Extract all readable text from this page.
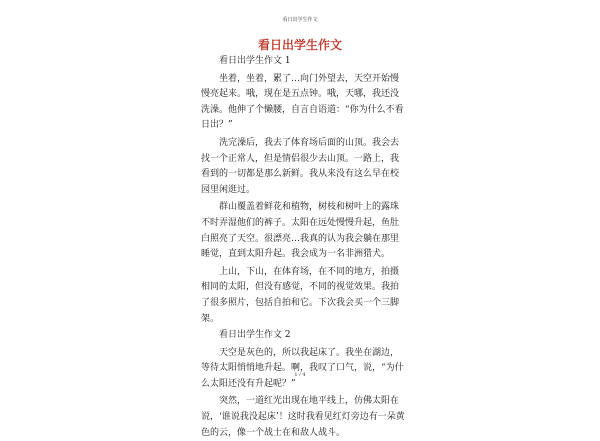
看日出学生作文
看日出学生作文

看日出学生作文 1

坐着，坐着，累了…向门外望去，天空开始慢慢亮起来。哦，现在是五点钟。哦，天哪，我还没洗澡。他伸了个懒腰，自言自语道：“你为什么不看日出？”

洗完澡后，我去了体育场后面的山顶。我会去找一个正常人，但是情侣很少去山顶。一路上，我看到的一切都是那么新鲜。我从来没有这么早在校园里闲逛过。

群山覆盖着鲜花和植物，树枝和树叶上的露珠不时弄湿他们的裤子。太阳在远处慢慢升起，鱼肚白照亮了天空。很漂亮…我真的认为我会躺在那里睡觉，直到太阳升起。我会成为一名非洲猎犬。

上山，下山，在体育场，在不同的地方，拍摄相同的太阳，但没有感觉，不同的视觉效果。我拍了很多照片，包括自拍和它。下次我会买一个三脚架。

看日出学生作文 2

天空是灰色的，所以我起床了。我坐在湖边，等待太阳悄悄地升起。啊，我叹了口气，说，“为什么太阳还没有升起呢？”

突然，一道红光出现在地平线上，仿佛太阳在说，‘谁说我没起床’！这时我看见红灯旁边有一朵黄色的云，像一个战士在和敌人战斗。

1 / 4
